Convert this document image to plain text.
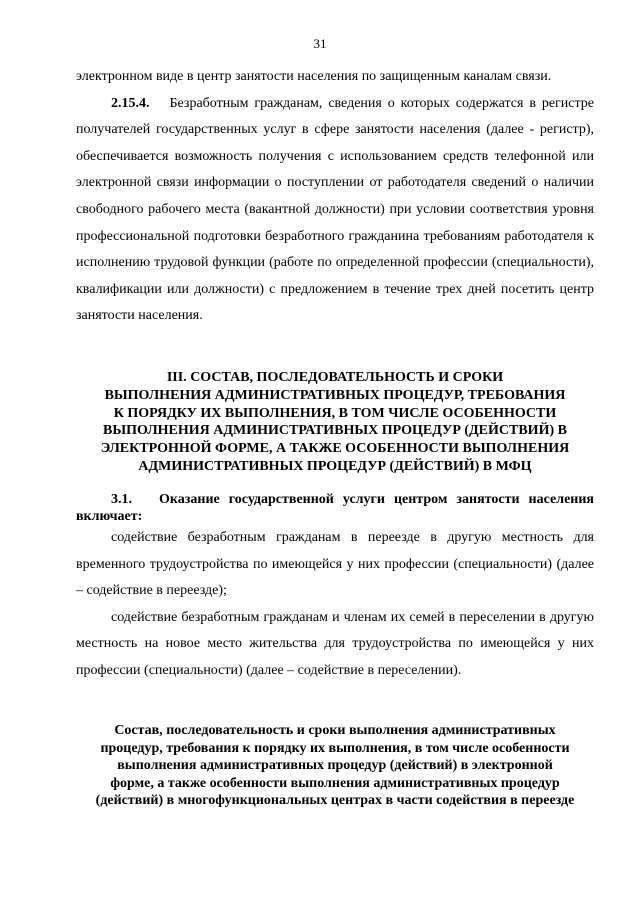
31

электронном виде в центр занятости населения по защищенным каналам связи.

2.15.4. Безработным гражданам, сведения о которых содержатся в регистре получателей государственных услуг в сфере занятости населения (далее - регистр), обеспечивается возможность получения с использованием средств телефонной или электронной связи информации о поступлении от работодателя сведений о наличии свободного рабочего места (вакантной должности) при условии соответствия уровня профессиональной подготовки безработного гражданина требованиям работодателя к исполнению трудовой функции (работе по определенной профессии (специальности), квалификации или должности) с предложением в течение трех дней посетить центр занятости населения.

III. СОСТАВ, ПОСЛЕДОВАТЕЛЬНОСТЬ И СРОКИ
ВЫПОЛНЕНИЯ АДМИНИСТРАТИВНЫХ ПРОЦЕДУР, ТРЕБОВАНИЯ
К ПОРЯДКУ ИХ ВЫПОЛНЕНИЯ, В ТОМ ЧИСЛЕ ОСОБЕННОСТИ
ВЫПОЛНЕНИЯ АДМИНИСТРАТИВНЫХ ПРОЦЕДУР (ДЕЙСТВИЙ) В
ЭЛЕКТРОННОЙ ФОРМЕ, А ТАКЖЕ ОСОБЕННОСТИ ВЫПОЛНЕНИЯ
АДМИНИСТРАТИВНЫХ ПРОЦЕДУР (ДЕЙСТВИЙ) В МФЦ
3.1. Оказание государственной услуги центром занятости населения
включает:

содействие безработным гражданам в переезде в другую местность для временного трудоустройства по имеющейся у них профессии (специальности) (далее – содействие в переезде);

содействие безработным гражданам и членам их семей в переселении в другую местность на новое место жительства для трудоустройства по имеющейся у них профессии (специальности) (далее – содействие в переселении).

Состав, последовательность и сроки выполнения административных
процедур, требования к порядку их выполнения, в том числе особенности
выполнения административных процедур (действий) в электронной
форме, а также особенности выполнения административных процедур
(действий) в многофункциональных центрах в части содействия в переезде
